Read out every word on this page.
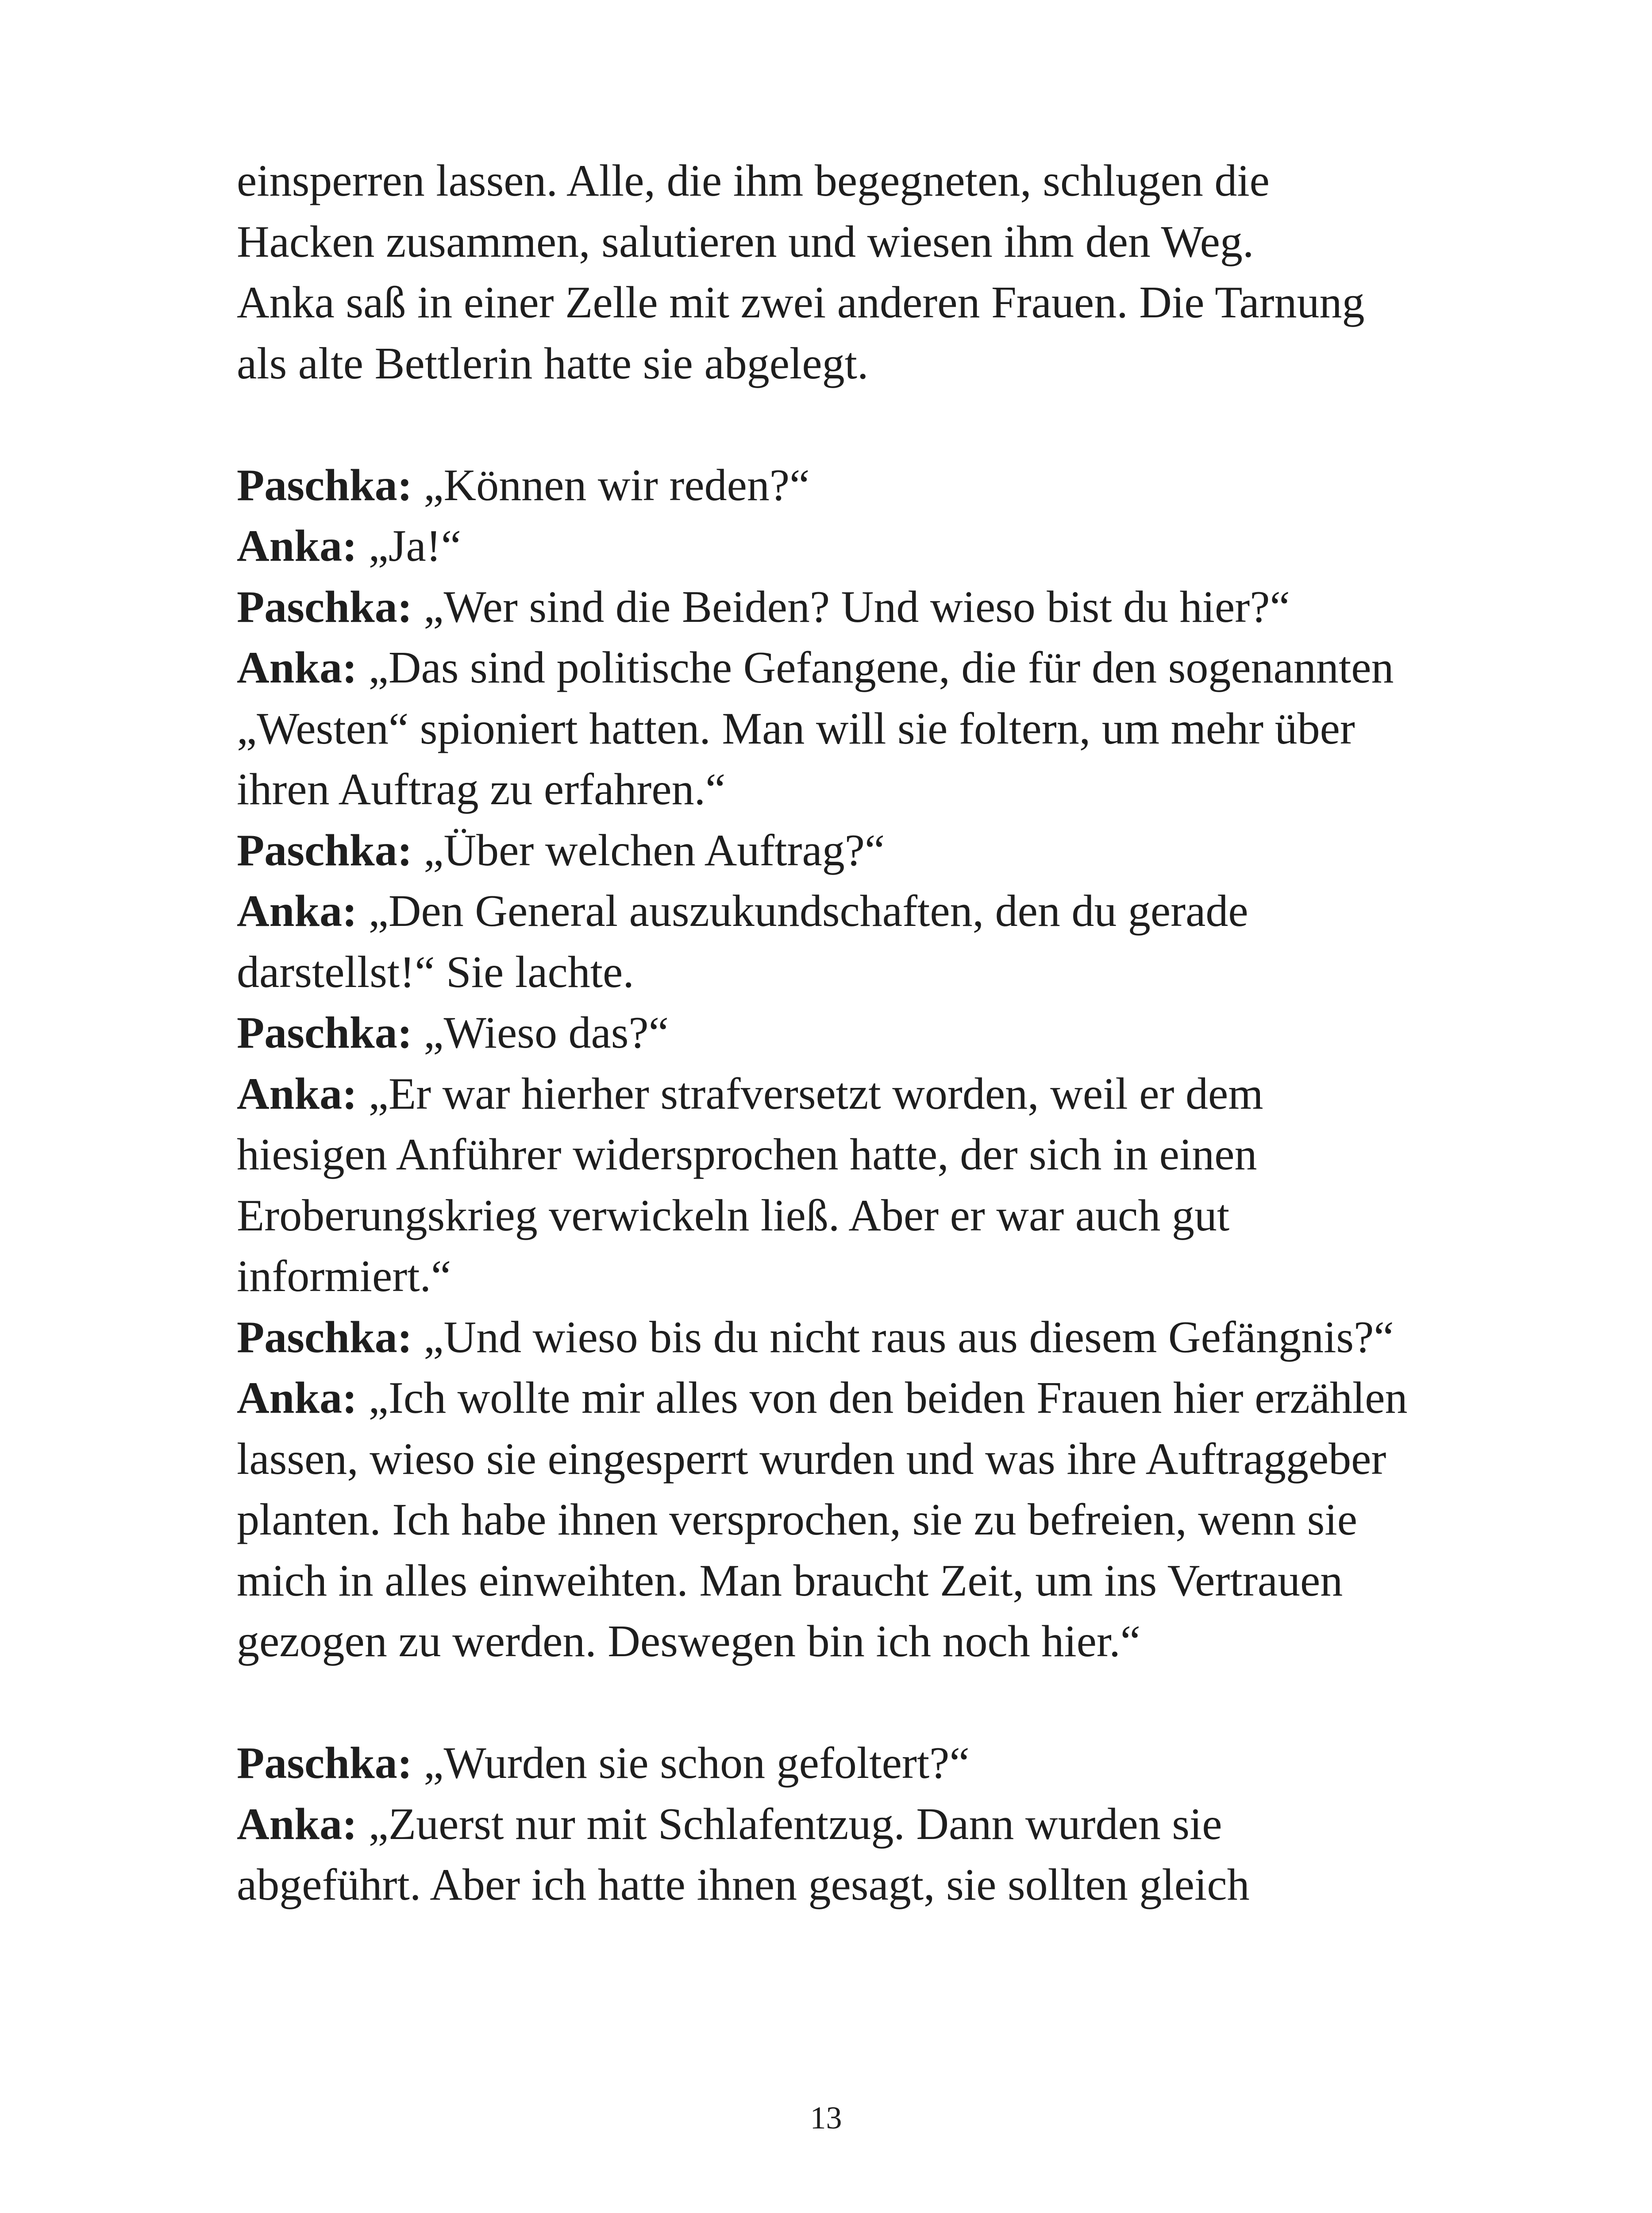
einsperren lassen. Alle, die ihm begegneten, schlugen die
Hacken zusammen, salutieren und wiesen ihm den Weg.
Anka saß in einer Zelle mit zwei anderen Frauen. Die Tarnung
als alte Bettlerin hatte sie abgelegt.
Paschka: „Können wir reden?“
Anka: „Ja!“
Paschka: „Wer sind die Beiden? Und wieso bist du hier?“
Anka: „Das sind politische Gefangene, die für den sogenannten
„Westen“ spioniert hatten. Man will sie foltern, um mehr über
ihren Auftrag zu erfahren.“
Paschka: „Über welchen Auftrag?“
Anka: „Den General auszukundschaften, den du gerade
darstellst!“ Sie lachte.
Paschka: „Wieso das?“
Anka: „Er war hierher strafversetzt worden, weil er dem
hiesigen Anführer widersprochen hatte, der sich in einen
Eroberungskrieg verwickeln ließ. Aber er war auch gut
informiert.“
Paschka: „Und wieso bis du nicht raus aus diesem Gefängnis?“
Anka: „Ich wollte mir alles von den beiden Frauen hier erzählen
lassen, wieso sie eingesperrt wurden und was ihre Auftraggeber
planten. Ich habe ihnen versprochen, sie zu befreien, wenn sie
mich in alles einweihten. Man braucht Zeit, um ins Vertrauen
gezogen zu werden. Deswegen bin ich noch hier.“
Paschka: „Wurden sie schon gefoltert?“
Anka: „Zuerst nur mit Schlafentzug. Dann wurden sie
abgeführt. Aber ich hatte ihnen gesagt, sie sollten gleich
13
